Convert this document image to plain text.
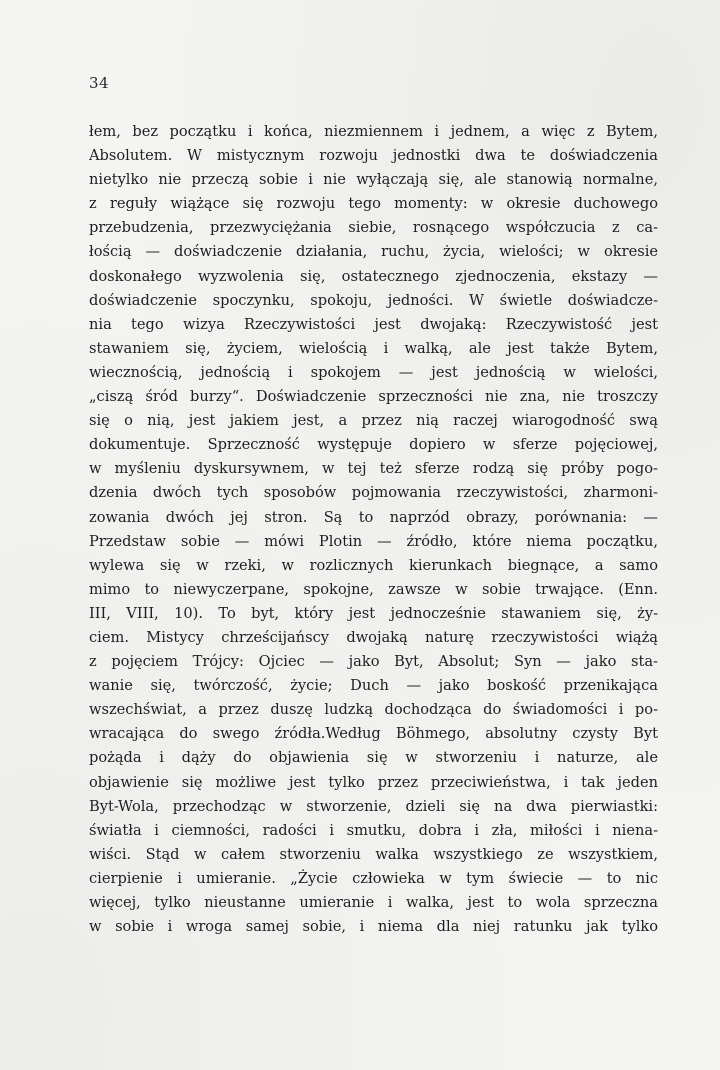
34
łem, bez początku i końca, niezmiennem i jednem, a więc z Bytem,
Absolutem. W mistycznym rozwoju jednostki dwa te doświadczenia
nietylko nie przeczą sobie i nie wyłączają się, ale stanowią normalne,
z reguły wiążące się rozwoju tego momenty: w okresie duchowego
przebudzenia, przezwyciężania siebie, rosnącego współczucia z ca-
łością — doświadczenie działania, ruchu, życia, wielości; w okresie
doskonałego wyzwolenia się, ostatecznego zjednoczenia, ekstazy —
doświadczenie spoczynku, spokoju, jedności. W świetle doświadcze-
nia tego wizya Rzeczywistości jest dwojaką: Rzeczywistość jest
stawaniem się, życiem, wielością i walką, ale jest także Bytem,
wiecznością, jednością i spokojem — jest jednością w wielości,
„ciszą śród burzy“. Doświadczenie sprzeczności nie zna, nie troszczy
się o nią, jest jakiem jest, a przez nią raczej wiarogodność swą
dokumentuje. Sprzeczność występuje dopiero w sferze pojęciowej,
w myśleniu dyskursywnem, w tej też sferze rodzą się próby pogo-
dzenia dwóch tych sposobów pojmowania rzeczywistości, zharmoni-
zowania dwóch jej stron. Są to naprzód obrazy, porównania: —
Przedstaw sobie — mówi Plotin — źródło, które niema początku,
wylewa się w rzeki, w rozlicznych kierunkach biegnące, a samo
mimo to niewyczerpane, spokojne, zawsze w sobie trwające. (Enn.
III, VIII, 10). To byt, który jest jednocześnie stawaniem się, ży-
ciem. Mistycy chrześcijańscy dwojaką naturę rzeczywistości wiążą
z pojęciem Trójcy: Ojciec — jako Byt, Absolut; Syn — jako sta-
wanie się, twórczość, życie; Duch — jako boskość przenikająca
wszechświat, a przez duszę ludzką dochodząca do świadomości i po-
wracająca do swego źródła.Według Böhmego, absolutny czysty Byt
pożąda i dąży do objawienia się w stworzeniu i naturze, ale
objawienie się możliwe jest tylko przez przeciwieństwa, i tak jeden
Byt-Wola, przechodząc w stworzenie, dzieli się na dwa pierwiastki:
światła i ciemności, radości i smutku, dobra i zła, miłości i niena-
wiści. Stąd w całem stworzeniu walka wszystkiego ze wszystkiem,
cierpienie i umieranie. „Życie człowieka w tym świecie — to nic
więcej, tylko nieustanne umieranie i walka, jest to wola sprzeczna
w sobie i wroga samej sobie, i niema dla niej ratunku jak tylko
